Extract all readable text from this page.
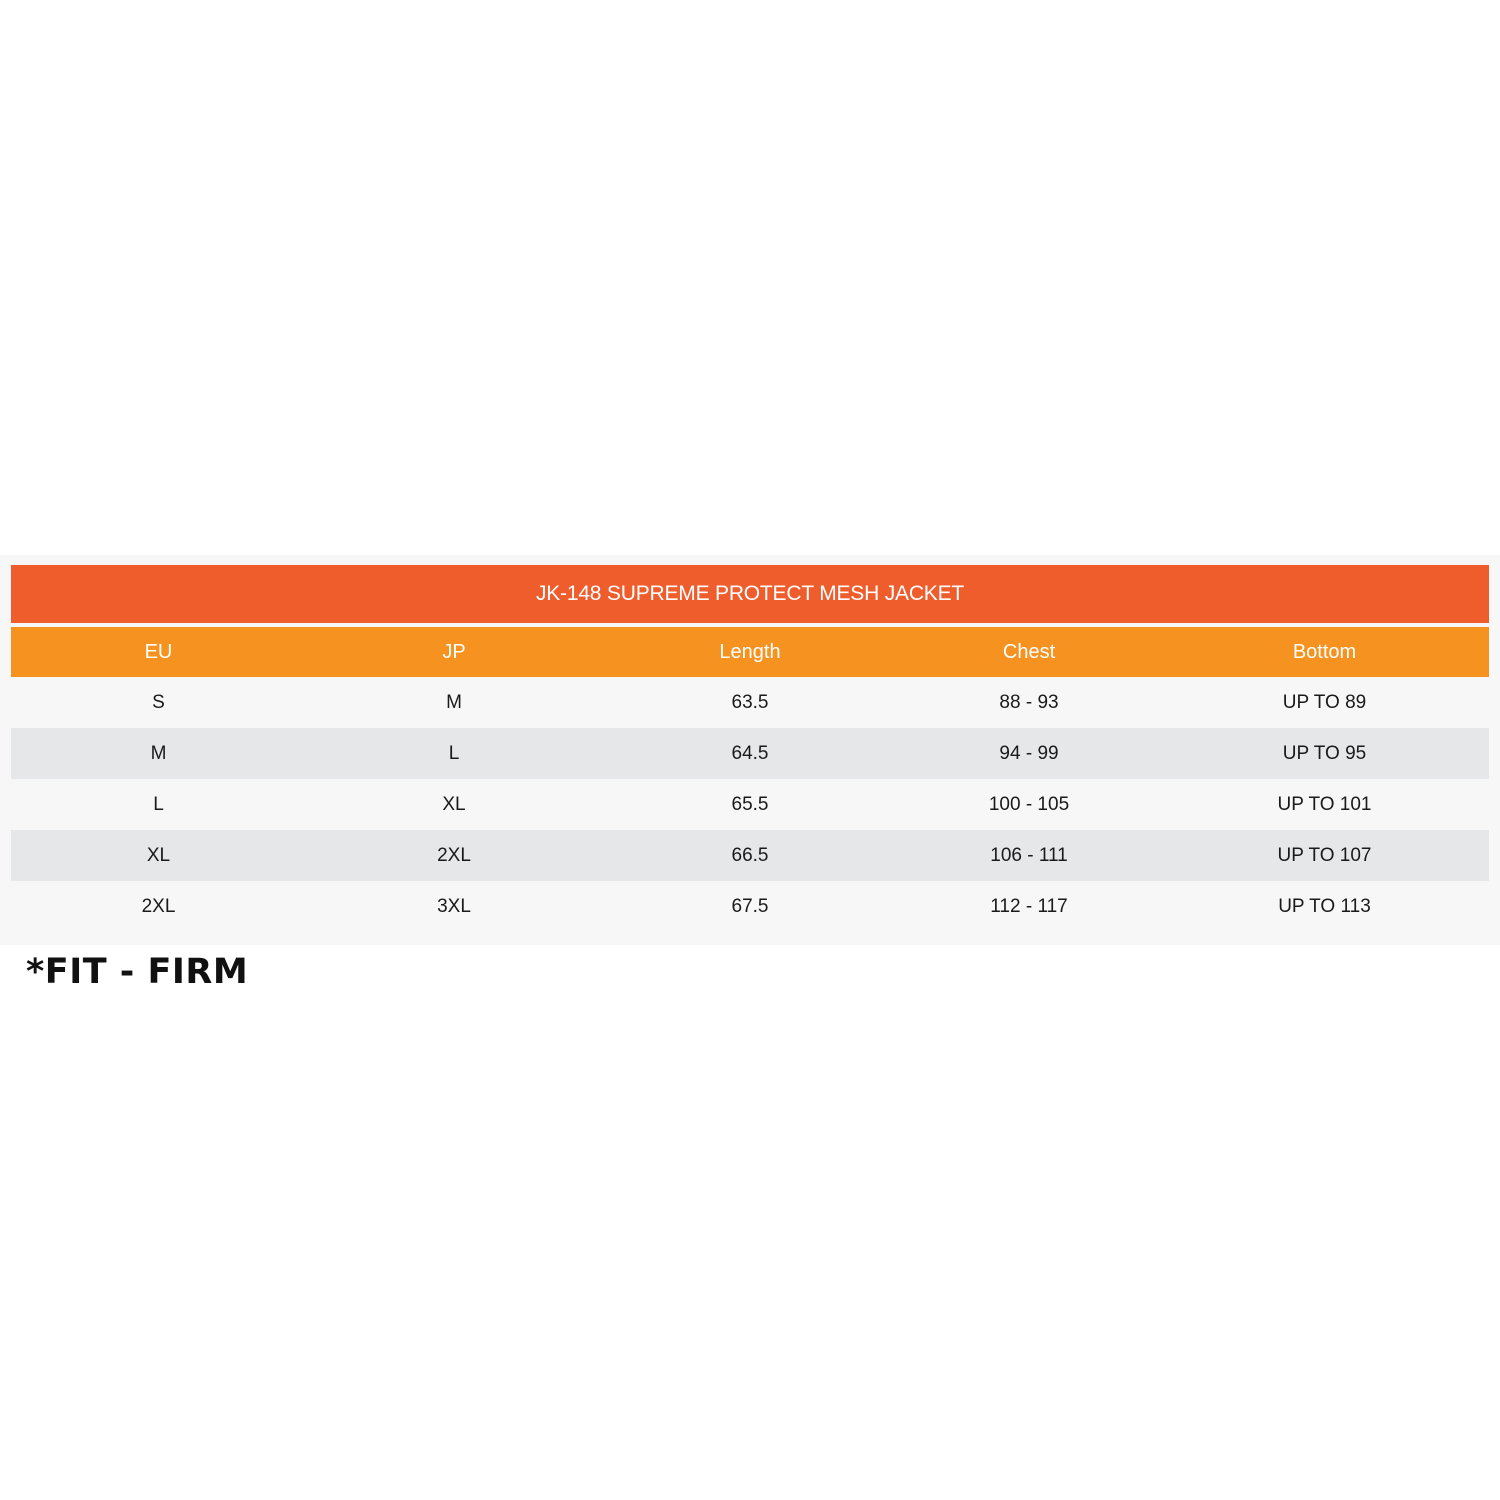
JK-148 SUPREME PROTECT MESH JACKET
EU	JP	Length	Chest	Bottom
S	M	63.5	88 - 93	UP TO 89
M	L	64.5	94 - 99	UP TO 95
L	XL	65.5	100 - 105	UP TO 101
XL	2XL	66.5	106 - 111	UP TO 107
2XL	3XL	67.5	112 - 117	UP TO 113
*FIT - FIRM
